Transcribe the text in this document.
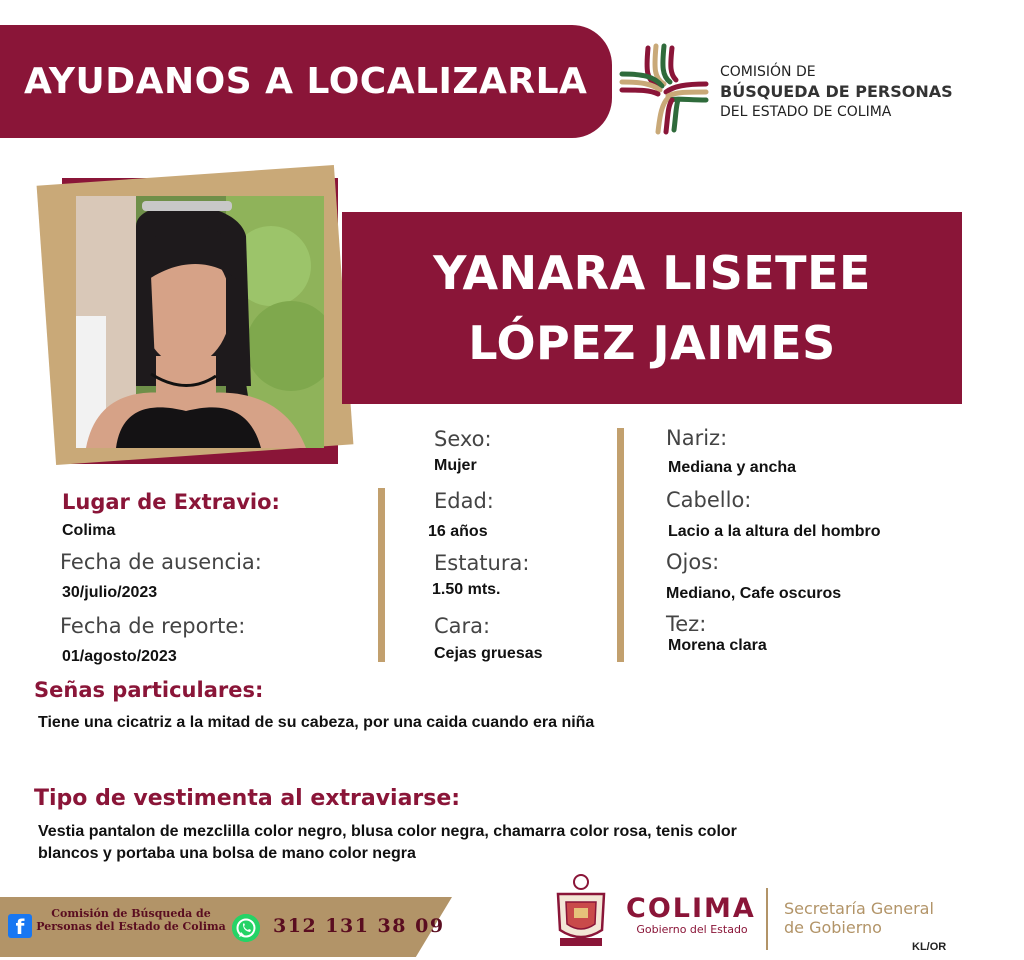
AYUDANOS A LOCALIZARLA	COMISIÓN DE
BÚSQUEDA DE PERSONAS
DEL ESTADO DE COLIMA
YANARA LISETEE
LÓPEZ JAIMES
Lugar de Extravio:
Colima
Fecha de ausencia:
30/julio/2023
Fecha de reporte:
01/agosto/2023
Sexo:
Mujer
Edad:
16 años
Estatura:
1.50 mts.
Cara:
Cejas gruesas
Nariz:
Mediana y ancha
Cabello:
Lacio a la altura del hombro
Ojos:
Mediano, Cafe oscuros
Tez:
Morena clara
Señas particulares:
Tiene una cicatriz a la mitad de su cabeza, por una caida cuando era niña
Tipo de vestimenta al extraviarse:
Vestia pantalon de mezclilla color negro, blusa color negra, chamarra color rosa, tenis color
blancos y portaba una bolsa de mano color negra
f
Comisión de Búsqueda de Personas del Estado de Colima 312 131 38 09
COLIMA
Gobierno del Estado
Secretaría General
de Gobierno
KL/OR
